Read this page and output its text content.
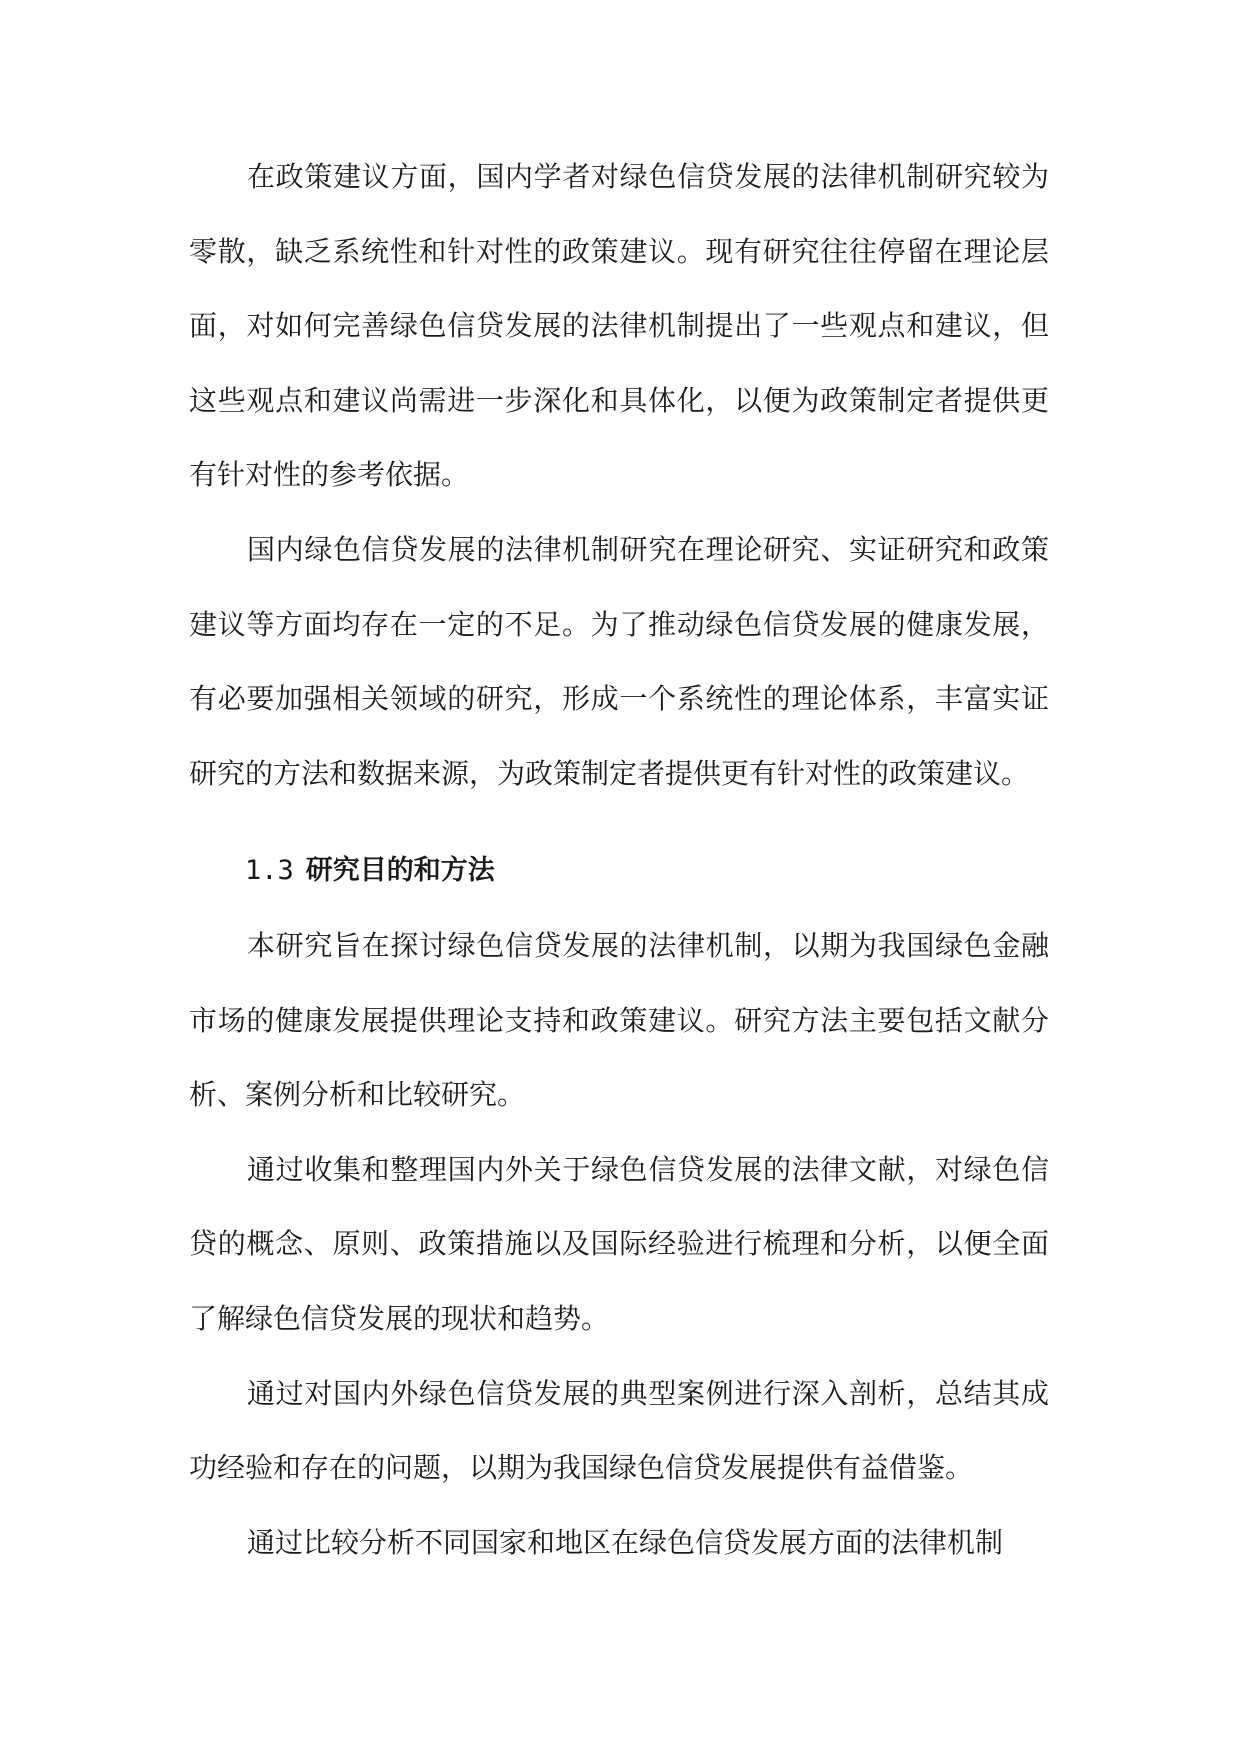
在政策建议方面，国内学者对绿色信贷发展的法律机制研究较为零散，缺乏系统性和针对性的政策建议。现有研究往往停留在理论层面，对如何完善绿色信贷发展的法律机制提出了一些观点和建议，但这些观点和建议尚需进一步深化和具体化，以便为政策制定者提供更有针对性的参考依据。

国内绿色信贷发展的法律机制研究在理论研究、实证研究和政策建议等方面均存在一定的不足。为了推动绿色信贷发展的健康发展，有必要加强相关领域的研究，形成一个系统性的理论体系，丰富实证研究的方法和数据来源，为政策制定者提供更有针对性的政策建议。

1.3 研究目的和方法

本研究旨在探讨绿色信贷发展的法律机制，以期为我国绿色金融市场的健康发展提供理论支持和政策建议。研究方法主要包括文献分析、案例分析和比较研究。

通过收集和整理国内外关于绿色信贷发展的法律文献，对绿色信贷的概念、原则、政策措施以及国际经验进行梳理和分析，以便全面了解绿色信贷发展的现状和趋势。

通过对国内外绿色信贷发展的典型案例进行深入剖析，总结其成功经验和存在的问题，以期为我国绿色信贷发展提供有益借鉴。

通过比较分析不同国家和地区在绿色信贷发展方面的法律机制
